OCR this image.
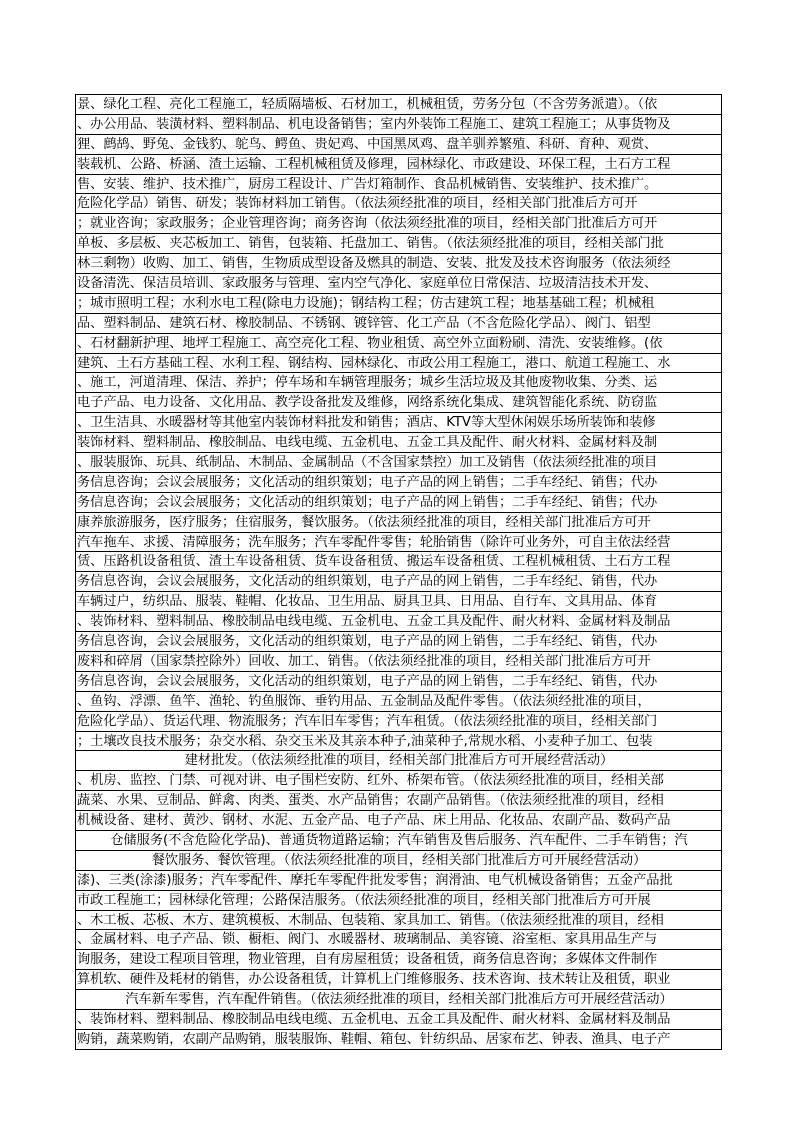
景、绿化工程、亮化工程施工，轻质隔墙板、石材加工，机械租赁，劳务分包（不含劳务派遣）。（依
、办公用品、装潢材料、塑料制品、机电设备销售；室内外装饰工程施工、建筑工程施工；从事货物及
狸、鹧鸪、野兔、金钱豹、鸵鸟、鳄鱼、贵妃鸡、中国黑凤鸡、盘羊驯养繁殖、科研、育种、观赏、
装载机、公路、桥涵、渣土运输、工程机械租赁及修理，园林绿化、市政建设、环保工程，土石方工程
售、安装、维护、技术推广，厨房工程设计、广告灯箱制作、食品机械销售、安装维护、技术推广。
危险化学品）销售、研发；装饰材料加工销售。（依法须经批准的项目，经相关部门批准后方可开
；就业咨询；家政服务；企业管理咨询；商务咨询（依法须经批准的项目，经相关部门批准后方可开
单板、多层板、夹芯板加工、销售，包装箱、托盘加工、销售。（依法须经批准的项目，经相关部门批
林三剩物）收购、加工、销售，生物质成型设备及燃具的制造、安装、批发及技术咨询服务（依法须经
设备清洗、保洁员培训、家政服务与管理、室内空气净化、家庭单位日常保洁、垃圾清洁技术开发、
；城市照明工程；水利水电工程(除电力设施)；钢结构工程；仿古建筑工程；地基基础工程；机械租
品、塑料制品、建筑石材、橡胶制品、不锈钢、镀锌管、化工产品（不含危险化学品）、阀门、铝型
、石材翻新护理、地坪工程施工、高空亮化工程、物业租赁、高空外立面粉刷、清洗、安装维修。(依
建筑、土石方基础工程、水利工程、钢结构、园林绿化、市政公用工程施工，港口、航道工程施工、水
、施工，河道清理、保洁、养护；停车场和车辆管理服务；城乡生活垃圾及其他废物收集、分类、运
电子产品、电力设备、文化用品、教学设备批发及维修，网络系统化集成、建筑智能化系统、防窃监
、卫生洁具、水暖器材等其他室内装饰材料批发和销售；酒店、KTV等大型休闲娱乐场所装饰和装修
装饰材料、塑料制品、橡胶制品、电线电缆、五金机电、五金工具及配件、耐火材料、金属材料及制
、服装服饰、玩具、纸制品、木制品、金属制品（不含国家禁控）加工及销售（依法须经批准的项目
务信息咨询；会议会展服务；文化活动的组织策划；电子产品的网上销售；二手车经纪、销售；代办
务信息咨询；会议会展服务；文化活动的组织策划；电子产品的网上销售；二手车经纪、销售；代办
康养旅游服务，医疗服务；住宿服务，餐饮服务。（依法须经批准的项目，经相关部门批准后方可开
汽车拖车、求援、清障服务；洗车服务；汽车零配件零售；轮胎销售（除许可业务外，可自主依法经营
赁、压路机设备租赁、渣土车设备租赁、货车设备租赁、搬运车设备租赁、工程机械租赁、土石方工程
务信息咨询，会议会展服务，文化活动的组织策划，电子产品的网上销售，二手车经纪、销售，代办
车辆过户，纺织品、服装、鞋帽、化妆品、卫生用品、厨具卫具、日用品、自行车、文具用品、体育
、装饰材料、塑料制品、橡胶制品电线电缆、五金机电、五金工具及配件、耐火材料、金属材料及制品
务信息咨询，会议会展服务，文化活动的组织策划，电子产品的网上销售，二手车经纪、销售，代办
废料和碎屑（国家禁控除外）回收、加工、销售。（依法须经批准的项目，经相关部门批准后方可开
务信息咨询，会议会展服务，文化活动的组织策划，电子产品的网上销售，二手车经纪、销售，代办
、鱼钩、浮漂、鱼竿、渔轮、钓鱼服饰、垂钓用品、五金制品及配件零售。（依法须经批准的项目，
危险化学品）、货运代理、物流服务；汽车旧车零售；汽车租赁。（依法须经批准的项目，经相关部门
；土壤改良技术服务；杂交水稻、杂交玉米及其亲本种子,油菜种子,常规水稻、小麦种子加工、包装
建材批发。（依法须经批准的项目，经相关部门批准后方可开展经营活动）
、机房、监控、门禁、可视对讲、电子围栏安防、红外、桥架布管。（依法须经批准的项目，经相关部
蔬菜、水果、豆制品、鲜禽、肉类、蛋类、水产品销售；农副产品销售。（依法须经批准的项目，经相
机械设备、建材、黄沙、钢材、水泥、五金产品、电子产品、床上用品、化妆品、农副产品、数码产品
仓储服务(不含危险化学品)、普通货物道路运输；汽车销售及售后服务、汽车配件、二手车销售；汽
餐饮服务、餐饮管理。（依法须经批准的项目，经相关部门批准后方可开展经营活动）
漆)、三类(涂漆)服务；汽车零配件、摩托车零配件批发零售；润滑油、电气机械设备销售；五金产品批
市政工程施工；园林绿化管理；公路保洁服务。（依法须经批准的项目，经相关部门批准后方可开展
、木工板、芯板、木方、建筑模板、木制品、包装箱、家具加工、销售。（依法须经批准的项目，经相
、金属材料、电子产品、锁、橱柜、阀门、水暖器材、玻璃制品、美容镜、浴室柜、家具用品生产与
询服务，建设工程项目管理，物业管理，自有房屋租赁；设备租赁，商务信息咨询；多媒体文件制作
算机软、硬件及耗材的销售，办公设备租赁，计算机上门维修服务、技术咨询、技术转让及租赁，职业
汽车新车零售，汽车配件销售。（依法须经批准的项目，经相关部门批准后方可开展经营活动）
、装饰材料、塑料制品、橡胶制品电线电缆、五金机电、五金工具及配件、耐火材料、金属材料及制品
购销，蔬菜购销，农副产品购销，服装服饰、鞋帽、箱包、针纺织品、居家布艺、钟表、渔具、电子产
